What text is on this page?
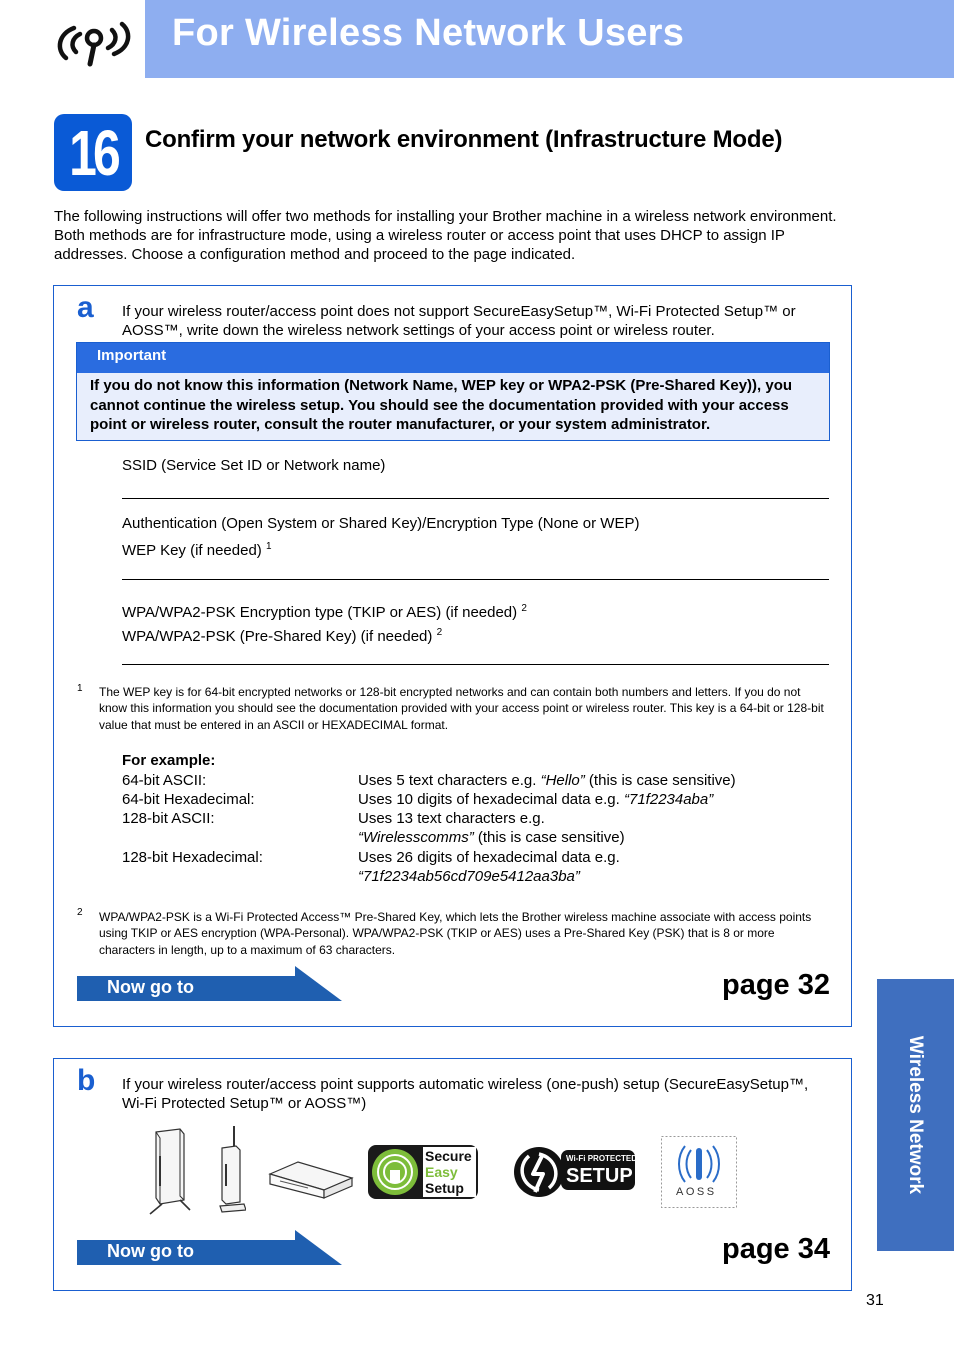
For Wireless Network Users
16 Confirm your network environment (Infrastructure Mode)
The following instructions will offer two methods for installing your Brother machine in a wireless network environment. Both methods are for infrastructure mode, using a wireless router or access point that uses DHCP to assign IP addresses. Choose a configuration method and proceed to the page indicated.
a If your wireless router/access point does not support SecureEasySetup™, Wi-Fi Protected Setup™ or AOSS™, write down the wireless network settings of your access point or wireless router.
Important
If you do not know this information (Network Name, WEP key or WPA2-PSK (Pre-Shared Key)), you cannot continue the wireless setup. You should see the documentation provided with your access point or wireless router, consult the router manufacturer, or your system administrator.
SSID (Service Set ID or Network name)
Authentication (Open System or Shared Key)/Encryption Type (None or WEP)
WEP Key (if needed) $^1$
WPA/WPA2-PSK Encryption type (TKIP or AES) (if needed) $^2$
WPA/WPA2-PSK (Pre-Shared Key) (if needed) $^2$
1 The WEP key is for 64-bit encrypted networks or 128-bit encrypted networks and can contain both numbers and letters. If you do not know this information you should see the documentation provided with your access point or wireless router. This key is a 64-bit or 128-bit value that must be entered in an ASCII or HEXADECIMAL format.
For example:
64-bit ASCII:	Uses 5 text characters e.g. “Hello” (this is case sensitive)
64-bit Hexadecimal:	Uses 10 digits of hexadecimal data e.g. “71f2234aba”
128-bit ASCII:	Uses 13 text characters e.g.
“Wirelesscomms” (this is case sensitive)
128-bit Hexadecimal:	Uses 26 digits of hexadecimal data e.g.
“71f2234ab56cd709e5412aa3ba”
2 WPA/WPA2-PSK is a Wi-Fi Protected Access™ Pre-Shared Key, which lets the Brother wireless machine associate with access points using TKIP or AES encryption (WPA-Personal). WPA/WPA2-PSK (TKIP or AES) uses a Pre-Shared Key (PSK) that is 8 or more characters in length, up to a maximum of 63 characters.
Now go to	page 32
b If your wireless router/access point supports automatic wireless (one-push) setup (SecureEasySetup™, Wi-Fi Protected Setup™ or AOSS™)
Secure
Easy
Setup
Wi-Fi PROTECTED
SETUP
AOSS
Now go to	page 34
Wireless Network
31
